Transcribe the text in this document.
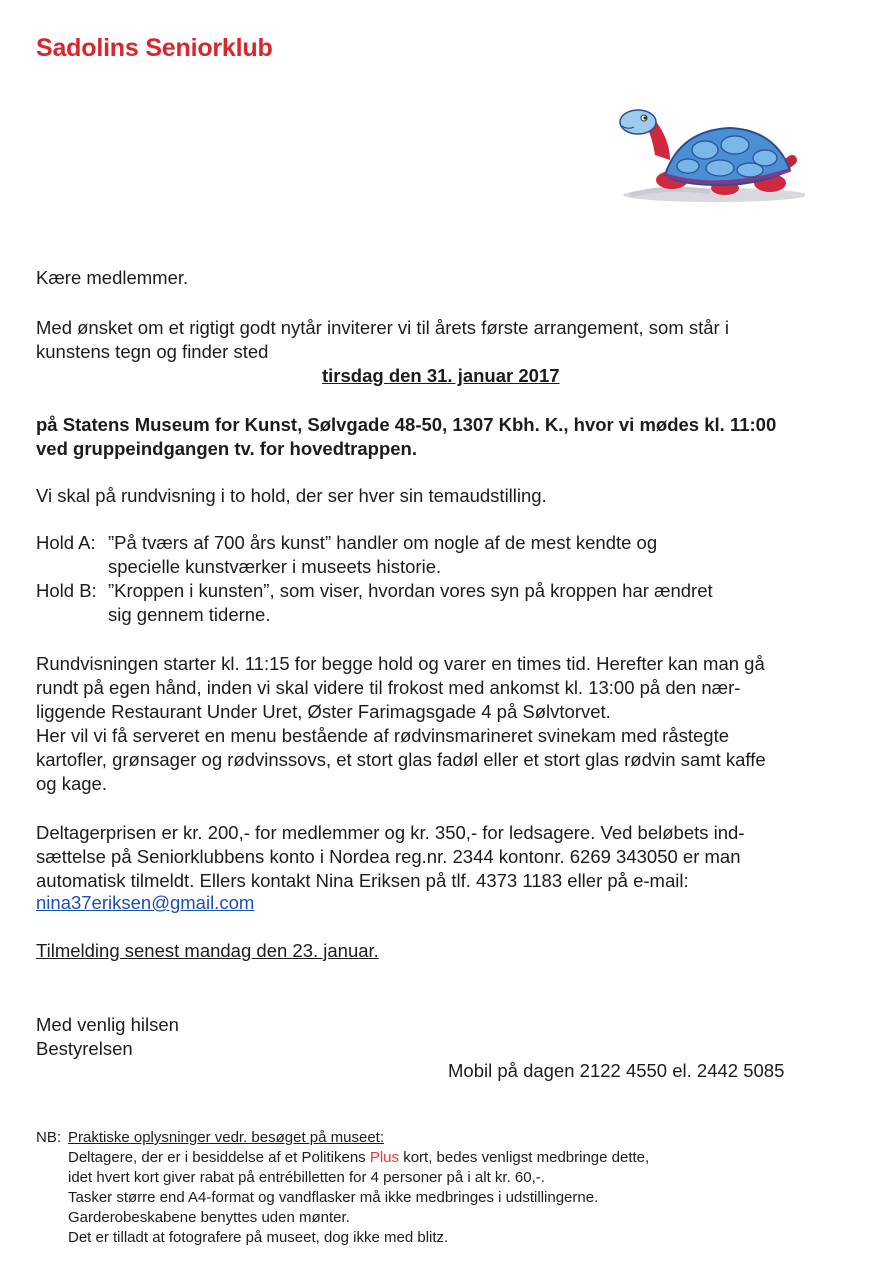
Sadolins Seniorklub
Kære medlemmer.
Med ønsket om et rigtigt godt nytår inviterer vi til årets første arrangement, som står i
kunstens tegn og finder sted
tirsdag den 31. januar 2017
på Statens Museum for Kunst, Sølvgade 48-50, 1307 Kbh. K., hvor vi mødes kl. 11:00
ved gruppeindgangen tv. for hovedtrappen.
Vi skal på rundvisning i to hold, der ser hver sin temaudstilling.
Hold A: ”På tværs af 700 års kunst” handler om nogle af de mest kendte og
specielle kunstværker i museets historie.
Hold B: ”Kroppen i kunsten”, som viser, hvordan vores syn på kroppen har ændret
sig gennem tiderne.
Rundvisningen starter kl. 11:15 for begge hold og varer en times tid. Herefter kan man gå
rundt på egen hånd, inden vi skal videre til frokost med ankomst kl. 13:00 på den nær-
liggende Restaurant Under Uret, Øster Farimagsgade 4 på Sølvtorvet.
Her vil vi få serveret en menu bestående af rødvinsmarineret svinekam med råstegte
kartofler, grønsager og rødvinssovs, et stort glas fadøl eller et stort glas rødvin samt kaffe
og kage.
Deltagerprisen er kr. 200,- for medlemmer og kr. 350,- for ledsagere. Ved beløbets ind-
sættelse på Seniorklubbens konto i Nordea reg.nr. 2344 kontonr. 6269 343050 er man
automatisk tilmeldt. Ellers kontakt Nina Eriksen på tlf. 4373 1183 eller på e-mail:
nina37eriksen@gmail.com
Tilmelding senest mandag den 23. januar.
Med venlig hilsen
Bestyrelsen
Mobil på dagen 2122 4550 el. 2442 5085
NB: Praktiske oplysninger vedr. besøget på museet:
Deltagere, der er i besiddelse af et Politikens Plus kort, bedes venligst medbringe dette,
idet hvert kort giver rabat på entrébilletten for 4 personer på i alt kr. 60,-.
Tasker større end A4-format og vandflasker må ikke medbringes i udstillingerne.
Garderobeskabene benyttes uden mønter.
Det er tilladt at fotografere på museet, dog ikke med blitz.
